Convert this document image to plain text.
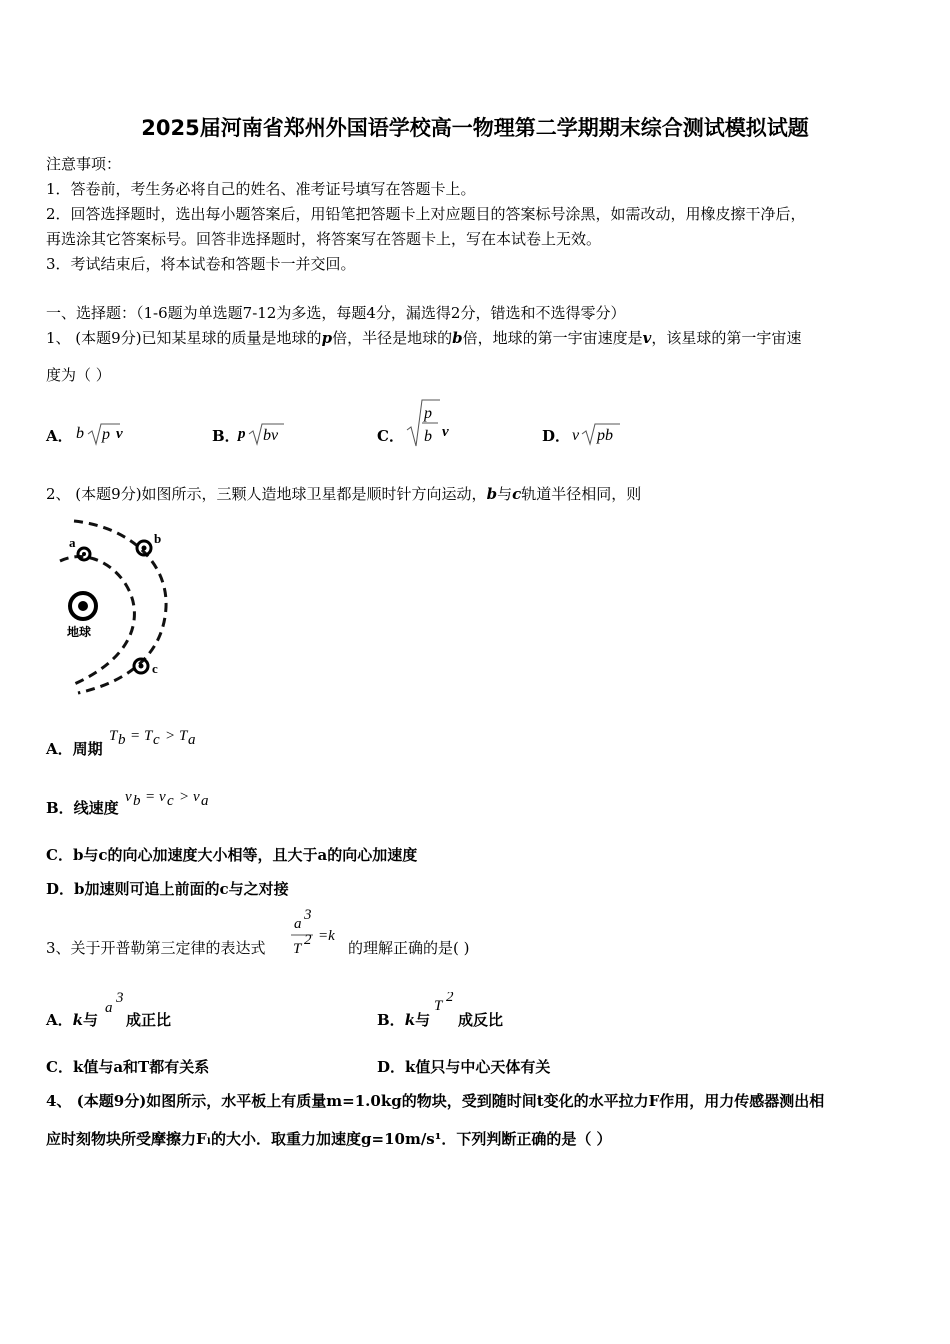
2025届河南省郑州外国语学校高一物理第二学期期末综合测试模拟试题
注意事项：
1．答卷前，考生务必将自己的姓名、准考证号填写在答题卡上。
2．回答选择题时，选出每小题答案后，用铅笔把答题卡上对应题目的答案标号涂黑，如需改动，用橡皮擦干净后，
再选涂其它答案标号。回答非选择题时，将答案写在答题卡上，写在本试卷上无效。
3．考试结束后，将本试卷和答题卡一并交回。
一、选择题：（1-6题为单选题7-12为多选，每题4分，漏选得2分，错选和不选得零分）
1、 (本题9分)已知某星球的质量是地球的p倍，半径是地球的b倍，地球的第一宇宙速度是v，该星球的第一宇宙速
度为（ ）
A． b p v	B．
p bv	C．
p
b v	D． v pb
2、 (本题9分)如图所示，三颗人造地球卫星都是顺时针方向运动，b与c轨道半径相同，则
a	b
c
地球
A．周期
T b = T c > T a
B．线速度
v b = v c > v a
C．b与c的向心加速度大小相等，且大于a的向心加速度
D．b加速则可追上前面的c与之对接
3、关于开普勒第三定律的表达式
a
3
T
2 =k
的理解正确的是( )
A．k与
a
3
成正比	B．k与
T
2
成反比
C．k值与a和T都有关系	D．k值只与中心天体有关
4、 (本题9分)如图所示，水平板上有质量m=1.0kg的物块，受到随时间t变化的水平拉力F作用，用力传感器测出相
应时刻物块所受摩擦力Fₗ的大小．取重力加速度g=10m/s¹．下列判断正确的是（ ）
